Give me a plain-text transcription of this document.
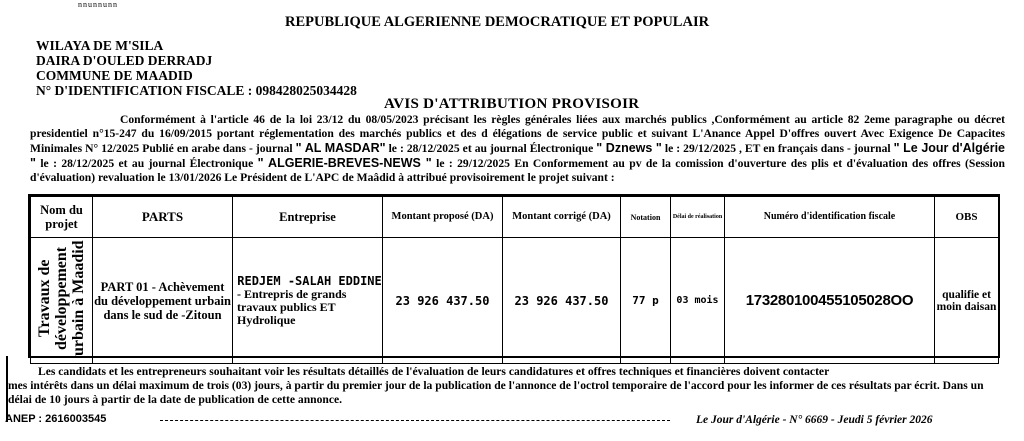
nnunnunn
REPUBLIQUE ALGERIENNE DEMOCRATIQUE ET POPULAIR
WILAYA DE M'SILA
DAIRA D'OULED DERRADJ
COMMUNE DE MAADID
N° D'IDENTIFICATION FISCALE : 098428025034428
AVIS D'ATTRIBUTION PROVISOIR
Conformément à l'article 46 de la loi 23/12 du 08/05/2023 précisant les règles générales liées aux marchés publics ,Conformément au article 82 2eme paragraphe ou décret presidentiel n°15-247 du 16/09/2015 portant réglementation des marchés publics et des d élégations de service public et suivant L'Anance Appel D'offres ouvert Avec Exigence De Capacites Minimales N° 12/2025 Publié en arabe dans - journal " AL MASDAR" le : 28/12/2025 et au journal Électronique " Dznews " le : 29/12/2025 , ET en français dans - journal " Le Jour d'Algérie " le : 28/12/2025 et au journal Électronique " ALGERIE-BREVES-NEWS " le : 29/12/2025 En Conformement au pv de la comission d'ouverture des plis et d'évaluation des offres (Session d'évaluation) revaluation le 13/01/2026 Le Président de L'APC de Maâdid à attribué provisoirement le projet suivant :
Nom du projet	PARTS	Entreprise	Montant proposé (DA)	Montant corrigé (DA)	Notation	Délai de réalisation	Numéro d'identification fiscale	OBS
Travaux de développement urbain à Maadid	PART 01 - Achèvement du développement urbain dans le sud de -Zitoun	REDJEM -SALAH EDDINE
- Entrepris de grands travaux publics ET Hydrolique	23 926 437.50	23 926 437.50	77 p	03 mois	173280100455105028OO	qualifie et moin daisan
Les candidats et les entrepreneurs souhaitant voir les résultats détaillés de l'évaluation de leurs candidatures et offres techniques et financières doivent contacter
mes intérêts dans un délai maximum de trois (03) jours, à partir du premier jour de la publication de l'annonce de l'octrol temporaire de l'accord pour les informer de ces résultats par écrit. Dans un délai de 10 jours à partir de la date de publication de cette annonce.
ANEP : 2616003545	Le Jour d'Algérie - N° 6669 - Jeudi 5 février 2026
